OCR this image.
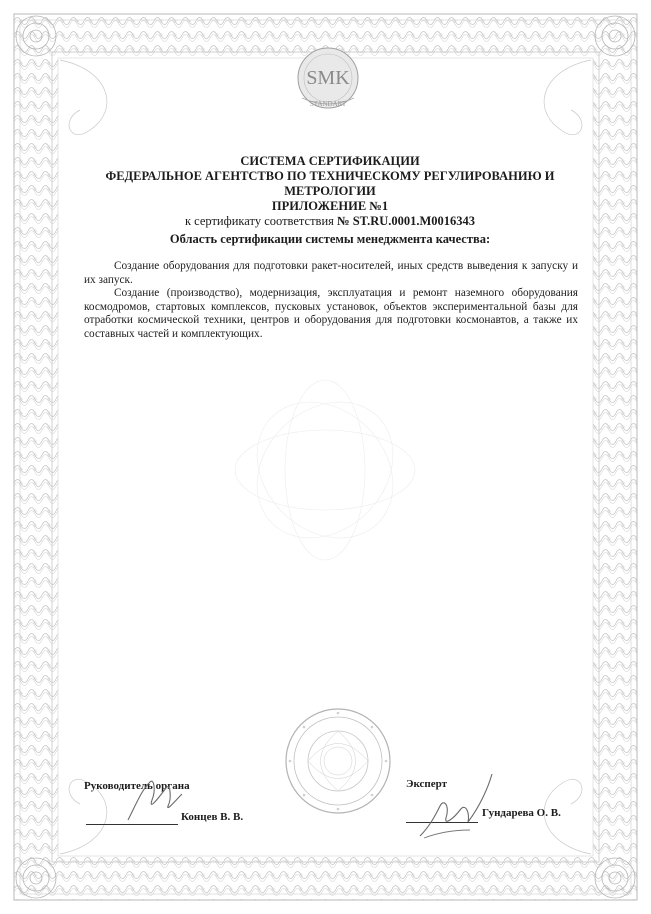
SMK
STANDART
СИСТЕМА СЕРТИФИКАЦИИ
ФЕДЕРАЛЬНОЕ АГЕНТСТВО ПО ТЕХНИЧЕСКОМУ РЕГУЛИРОВАНИЮ И
МЕТРОЛОГИИ
ПРИЛОЖЕНИЕ №1
к сертификату соответствия № ST.RU.0001.M0016343
Область сертификации системы менеджмента качества:

Создание оборудования для подготовки ракет-носителей, иных средств выведения к запуску и их запуск.

Создание (производство), модернизация, эксплуатация и ремонт наземного оборудования космодромов, стартовых комплексов, пусковых установок, объектов экспериментальной базы для отработки космической техники, центров и оборудования для подготовки космонавтов, а также их составных частей и комплектующих.

Руководитель органа
Концев В. В.
Эксперт
Гундарева О. В.
